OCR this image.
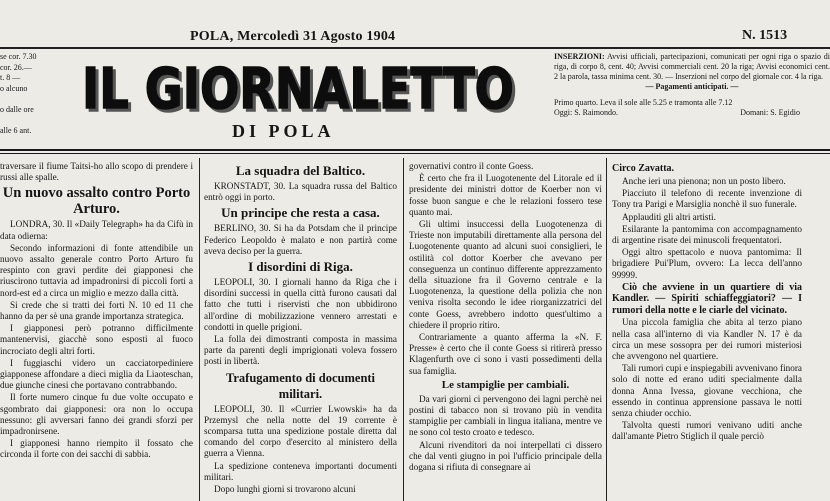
POLA, Mercoledì 31 Agosto 1904	N. 1513
se cor. 7.30
cor. 26.—
t. 8 —
o alcuno

o dalle ore

alle 6 ant.
IL GIORNALETTO
DI POLA
INSERZIONI: Avvisi ufficiali, partecipazioni, comunicati per ogni riga o spazio di riga, di corpo 8, cent. 40; Avvisi commerciali cent. 20 la riga; Avvisi economici cent. 2 la parola, tassa minima cent. 30. — Inserzioni nel corpo del giornale cor. 4 la riga.
— Pagamenti anticipati. —
Primo quarto. Leva il sole alle 5.25 e tramonta alle 7.12
Oggi: S. Raimondo.	Domani: S. Egidio

traversare il fiume Taitsi-ho allo scopo di prendere i russi alle spalle.

Un nuovo assalto contro Porto Arturo.

LONDRA, 30. Il «Daily Telegraph» ha da Cifù in data odierna:

Secondo informazioni di fonte attendibile un nuovo assalto generale contro Porto Arturo fu respinto con gravi perdite dei giapponesi che riuscirono tuttavia ad impadronirsi di piccoli forti a nord-est ed a circa un miglio e mezzo dalla città.

Si crede che si tratti dei forti N. 10 ed 11 che hanno da per sè una grande importanza strategica.

I giapponesi però potranno difficilmente mantenervisi, giacchè sono esposti al fuoco incrociato degli altri forti.

I fuggiaschi videro un cacciatorpediniere giapponese affondare a dieci miglia da Liaoteschan, due giunche cinesi che portavano contrabbando.

Il forte numero cinque fu due volte occupato e sgombrato dai giapponesi: ora non lo occupa nessuno: gli avversari fanno dei grandi sforzi per impadronirsene.

I giapponesi hanno riempito il fossato che circonda il forte con dei sacchi di sabbia.

La squadra del Baltico.

KRONSTADT, 30. La squadra russa del Baltico entrò oggi in porto.

Un principe che resta a casa.

BERLINO, 30. Si ha da Potsdam che il principe Federico Leopoldo è malato e non partirà come aveva deciso per la guerra.

I disordini di Riga.

LEOPOLI, 30. I giornali hanno da Riga che i disordini successi in quella città furono causati dal fatto che tutti i riservisti che non ubbidirono all'ordine di mobilizzazione vennero arrestati e condotti in quelle prigioni.

La folla dei dimostranti composta in massima parte da parenti degli imprigionati voleva fossero posti in libertà.

Trafugamento di documenti militari.

LEOPOLI, 30. Il «Currier Lwowski» ha da Przemysl che nella notte del 19 corrente è scomparsa tutta una spedizione postale diretta dal comando del corpo d'esercito al ministero della guerra a Vienna.

La spedizione conteneva importanti documenti militari.

Dopo lunghi giorni si trovarono alcuni

governativi contro il conte Goess.

È certo che fra il Luogotenente del Litorale ed il presidente dei ministri dottor de Koerber non vi fosse buon sangue e che le relazioni fossero tese quanto mai.

Gli ultimi insuccessi della Luogotenenza di Trieste non imputabili direttamente alla persona del Luogotenente quanto ad alcuni suoi consiglieri, le ostilità col dottor Koerber che avevano per conseguenza un continuo differente apprezzamento della situazione fra il Governo centrale e la Luogotenenza, la questione della polizia che non veniva risolta secondo le idee riorganizzatrici del conte Goess, avrebbero indotto quest'ultimo a chiedere il proprio ritiro.

Contrariamente a quanto afferma la «N. F. Presse» è certo che il conte Goess si ritirerà presso Klagenfurth ove ci sono i vasti possedimenti della sua famiglia.

Le stampiglie per cambiali.

Da vari giorni ci pervengono dei lagni perchè nei postini di tabacco non si trovano più in vendita stampiglie per cambiali in lingua italiana, mentre ve ne sono col testo croato e tedesco.

Alcuni rivenditori da noi interpellati ci dissero che dal venti giugno in poi l'ufficio principale della dogana si rifiuta di consegnare ai

Circo Zavatta.

Anche ieri una pienona; non un posto libero.

Piacciuto il telefono di recente invenzione di Tony tra Parigi e Marsiglia nonchè il suo funerale.

Applauditi gli altri artisti.

Esilarante la pantomima con accompagnamento di argentine risate dei minuscoli frequentatori.

Oggi altro spettacolo e nuova pantomima: Il brigadiere Pui'Plum, ovvero: La lecca dell'anno 99999.

Ciò che avviene in un quartiere di via Kandler. — Spiriti schiaffeggiatori? — I rumori della notte e le ciarle del vicinato.

Una piccola famiglia che abita al terzo piano nella casa all'interno di via Kandler N. 17 è da circa un mese sossopra per dei rumori misteriosi che avvengono nel quartiere.

Tali rumori cupi e inspiegabili avvenivano finora solo di notte ed erano uditi specialmente dalla donna Anna Ivessa, giovane vecchiona, che essendo in continua apprensione passava le notti senza chiuder occhio.

Talvolta questi rumori venivano uditi anche dall'amante Pietro Stiglich il quale perciò
